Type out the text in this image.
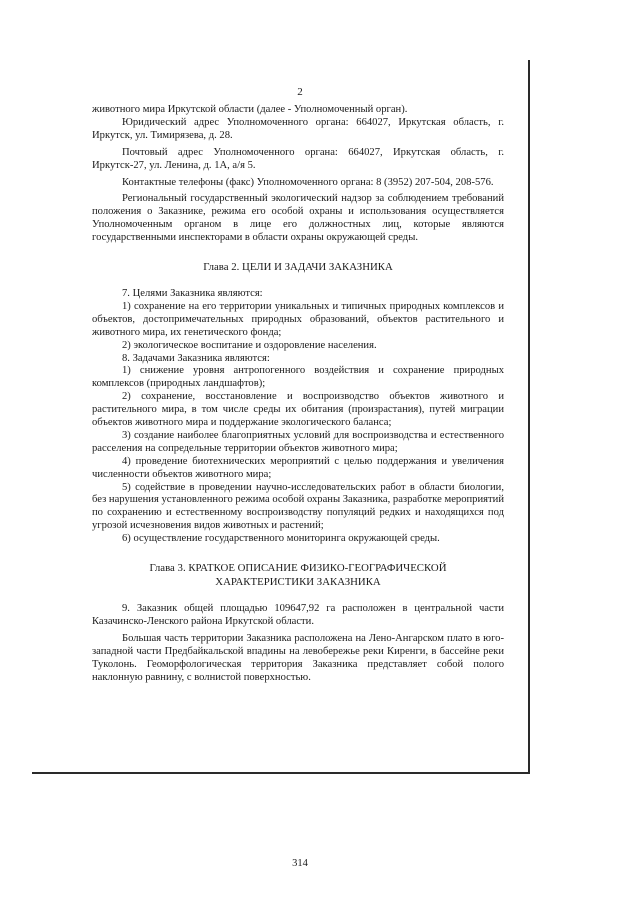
2

животного мира Иркутской области (далее - Уполномоченный орган).

Юридический адрес Уполномоченного органа: 664027, Иркутская область, г. Иркутск, ул. Тимирязева, д. 28.

Почтовый адрес Уполномоченного органа: 664027, Иркутская область, г. Иркутск-27, ул. Ленина, д. 1А, а/я 5.

Контактные телефоны (факс) Уполномоченного органа: 8 (3952) 207-504, 208-576.

Региональный государственный экологический надзор за соблюдением требований положения о Заказнике, режима его особой охраны и использования осуществляется Уполномоченным органом в лице его должностных лиц, которые являются государственными инспекторами в области охраны окружающей среды.

Глава 2. ЦЕЛИ И ЗАДАЧИ ЗАКАЗНИКА

7. Целями Заказника являются:

1) сохранение на его территории уникальных и типичных природных комплексов и объектов, достопримечательных природных образований, объектов растительного и животного мира, их генетического фонда;

2) экологическое воспитание и оздоровление населения.

8. Задачами Заказника являются:

1) снижение уровня антропогенного воздействия и сохранение природных комплексов (природных ландшафтов);

2) сохранение, восстановление и воспроизводство объектов животного и растительного мира, в том числе среды их обитания (произрастания), путей миграции объектов животного мира и поддержание экологического баланса;

3) создание наиболее благоприятных условий для воспроизводства и естественного расселения на сопредельные территории объектов животного мира;

4) проведение биотехнических мероприятий с целью поддержания и увеличения численности объектов животного мира;

5) содействие в проведении научно-исследовательских работ в области биологии, без нарушения установленного режима особой охраны Заказника, разработке мероприятий по сохранению и естественному воспроизводству популяций редких и находящихся под угрозой исчезновения видов животных и растений;

6) осуществление государственного мониторинга окружающей среды.

Глава 3. КРАТКОЕ ОПИСАНИЕ ФИЗИКО-ГЕОГРАФИЧЕСКОЙ
ХАРАКТЕРИСТИКИ ЗАКАЗНИКА

9. Заказник общей площадью 109647,92 га расположен в центральной части Казачинско-Ленского района Иркутской области.

Большая часть территории Заказника расположена на Лено-Ангарском плато в юго-западной части Предбайкальской впадины на левобережье реки Киренги, в бассейне реки Туколонь. Геоморфологическая территория Заказника представляет собой полого наклонную равнину, с волнистой поверхностью.

314
